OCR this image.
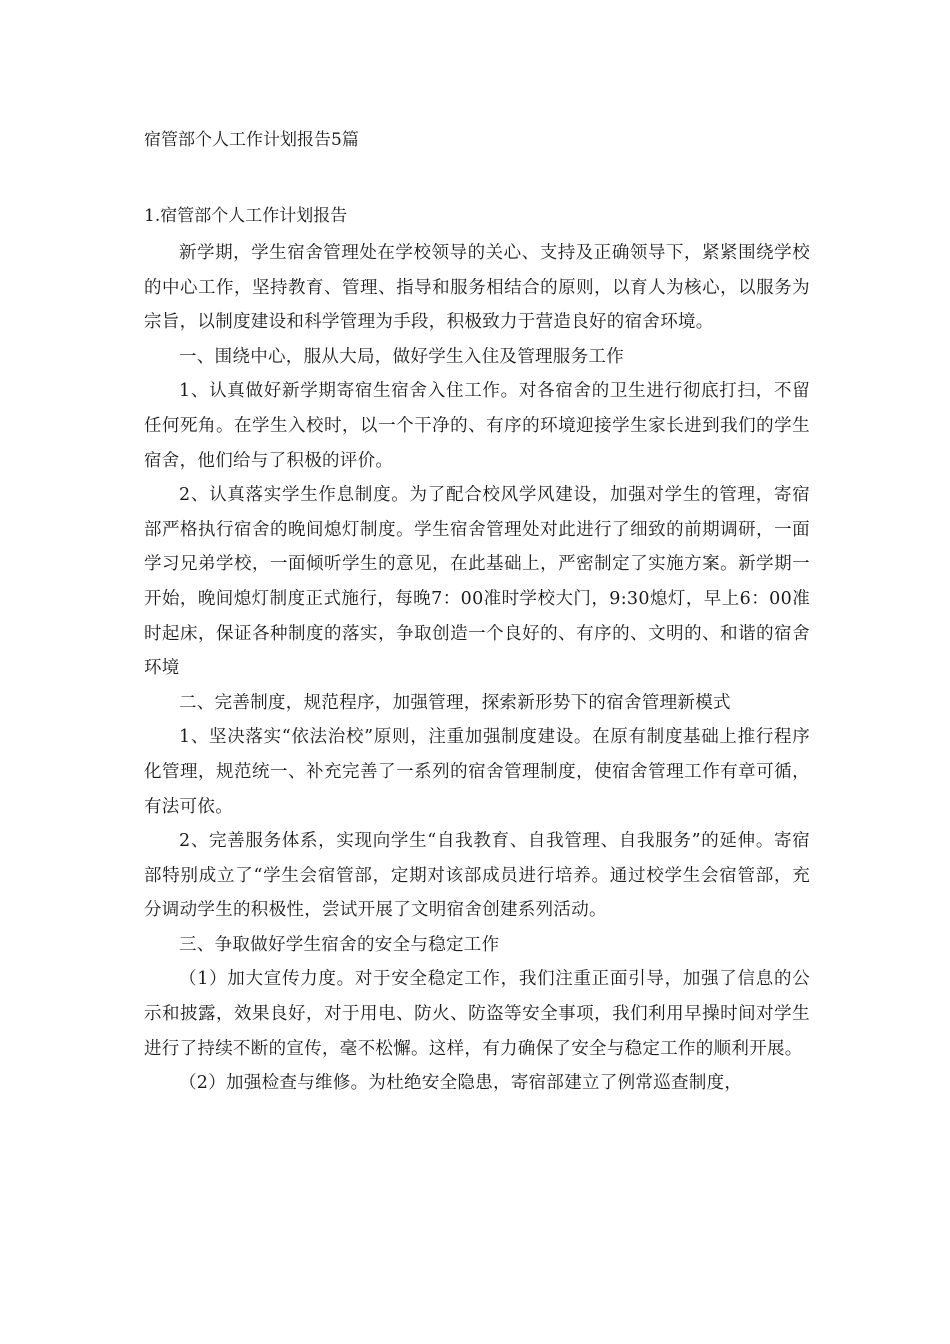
宿管部个人工作计划报告5篇
1.宿管部个人工作计划报告

新学期，学生宿舍管理处在学校领导的关心、支持及正确领导下，紧紧围绕学校的中心工作，坚持教育、管理、指导和服务相结合的原则，以育人为核心，以服务为宗旨，以制度建设和科学管理为手段，积极致力于营造良好的宿舍环境。

一、围绕中心，服从大局，做好学生入住及管理服务工作

1、认真做好新学期寄宿生宿舍入住工作。对各宿舍的卫生进行彻底打扫，不留任何死角。在学生入校时，以一个干净的、有序的环境迎接学生家长进到我们的学生宿舍，他们给与了积极的评价。

2、认真落实学生作息制度。为了配合校风学风建设，加强对学生的管理，寄宿部严格执行宿舍的晚间熄灯制度。学生宿舍管理处对此进行了细致的前期调研，一面学习兄弟学校，一面倾听学生的意见，在此基础上，严密制定了实施方案。新学期一开始，晚间熄灯制度正式施行，每晚7：00准时学校大门，9:30熄灯，早上6：00准时起床，保证各种制度的落实，争取创造一个良好的、有序的、文明的、和谐的宿舍环境

二、完善制度，规范程序，加强管理，探索新形势下的宿舍管理新模式

1、坚决落实“依法治校”原则，注重加强制度建设。在原有制度基础上推行程序化管理，规范统一、补充完善了一系列的宿舍管理制度，使宿舍管理工作有章可循，有法可依。

2、完善服务体系，实现向学生“自我教育、自我管理、自我服务”的延伸。寄宿部特别成立了“学生会宿管部，定期对该部成员进行培养。通过校学生会宿管部，充分调动学生的积极性，尝试开展了文明宿舍创建系列活动。

三、争取做好学生宿舍的安全与稳定工作

（1）加大宣传力度。对于安全稳定工作，我们注重正面引导，加强了信息的公示和披露，效果良好，对于用电、防火、防盗等安全事项，我们利用早操时间对学生进行了持续不断的宣传，毫不松懈。这样，有力确保了安全与稳定工作的顺利开展。

（2）加强检查与维修。为杜绝安全隐患，寄宿部建立了例常巡查制度，
